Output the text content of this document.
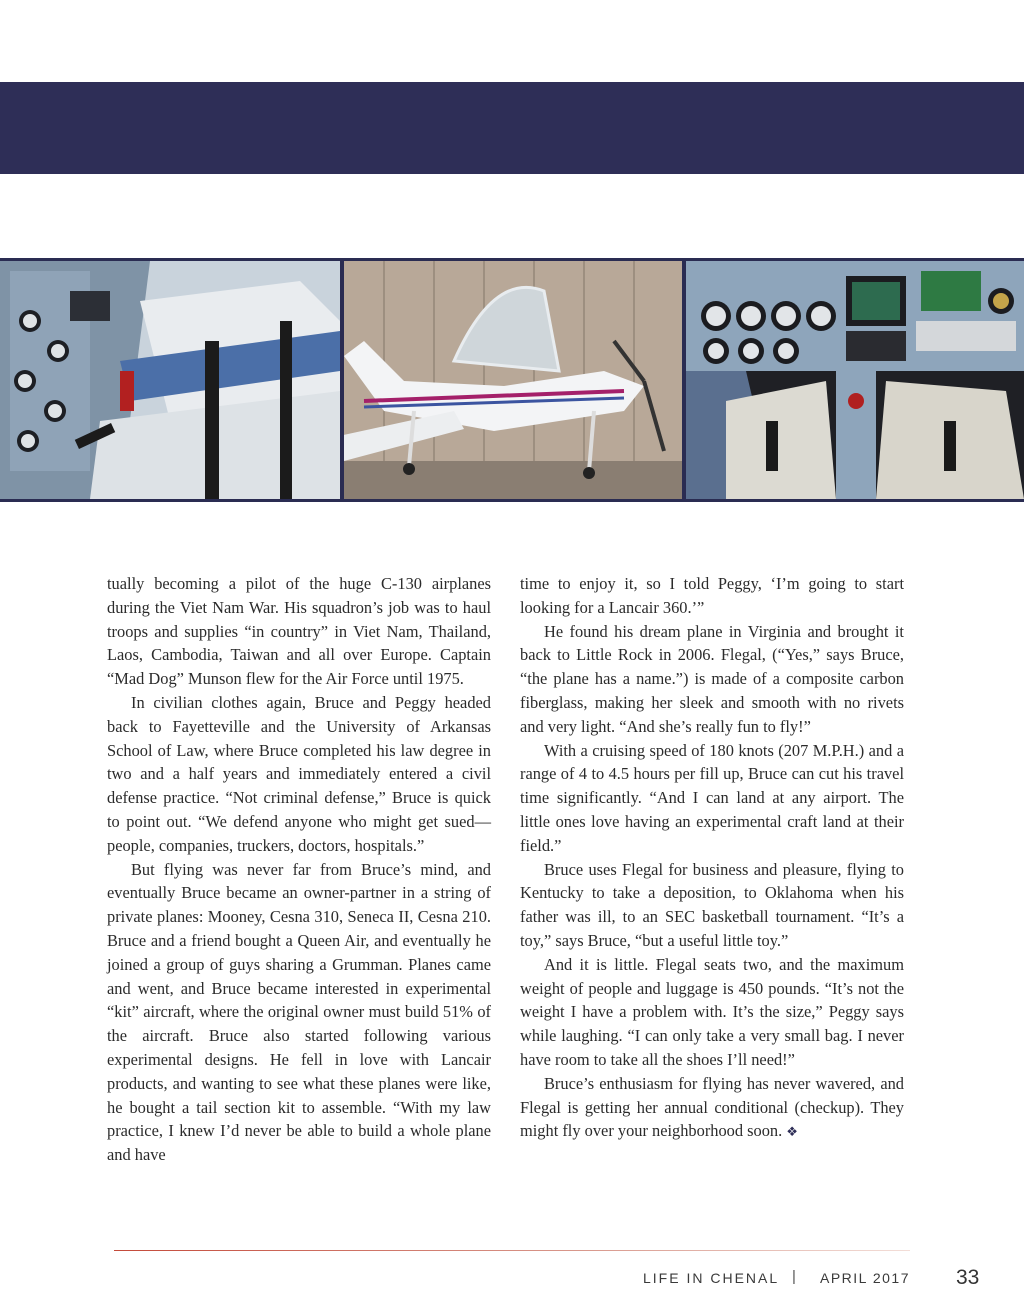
tually becoming a pilot of the huge C-130 airplanes during the Viet Nam War. His squadron’s job was to haul troops and supplies “in country” in Viet Nam, Thailand, Laos, Cambodia, Taiwan and all over Europe. Captain “Mad Dog” Munson flew for the Air Force until 1975.

In civilian clothes again, Bruce and Peggy headed back to Fayetteville and the University of Arkansas School of Law, where Bruce completed his law degree in two and a half years and immediately entered a civil defense practice. “Not criminal defense,” Bruce is quick to point out. “We defend anyone who might get sued—people, companies, truckers, doctors, hospitals.”

But flying was never far from Bruce’s mind, and eventually Bruce became an owner-partner in a string of private planes: Mooney, Cesna 310, Seneca II, Cesna 210. Bruce and a friend bought a Queen Air, and eventually he joined a group of guys sharing a Grumman. Planes came and went, and Bruce became interested in experimental “kit” aircraft, where the original owner must build 51% of the aircraft. Bruce also started following various experimental designs. He fell in love with Lancair products, and wanting to see what these planes were like, he bought a tail section kit to assemble. “With my law practice, I knew I’d never be able to build a whole plane and have

time to enjoy it, so I told Peggy, ‘I’m going to start looking for a Lancair 360.’”

He found his dream plane in Virginia and brought it back to Little Rock in 2006. Flegal, (“Yes,” says Bruce, “the plane has a name.”) is made of a composite carbon fiberglass, making her sleek and smooth with no rivets and very light. “And she’s really fun to fly!”

With a cruising speed of 180 knots (207 M.P.H.) and a range of 4 to 4.5 hours per fill up, Bruce can cut his travel time significantly. “And I can land at any airport. The little ones love having an experimental craft land at their field.”

Bruce uses Flegal for business and pleasure, flying to Kentucky to take a deposition, to Oklahoma when his father was ill, to an SEC basketball tournament. “It’s a toy,” says Bruce, “but a useful little toy.”

And it is little. Flegal seats two, and the maximum weight of people and luggage is 450 pounds. “It’s not the weight I have a problem with. It’s the size,” Peggy says while laughing. “I can only take a very small bag. I never have room to take all the shoes I’ll need!”

Bruce’s enthusiasm for flying has never wavered, and Flegal is getting her annual conditional (checkup). They might fly over your neighborhood soon. ❖

LIFE IN CHENAL | APRIL 2017 33
